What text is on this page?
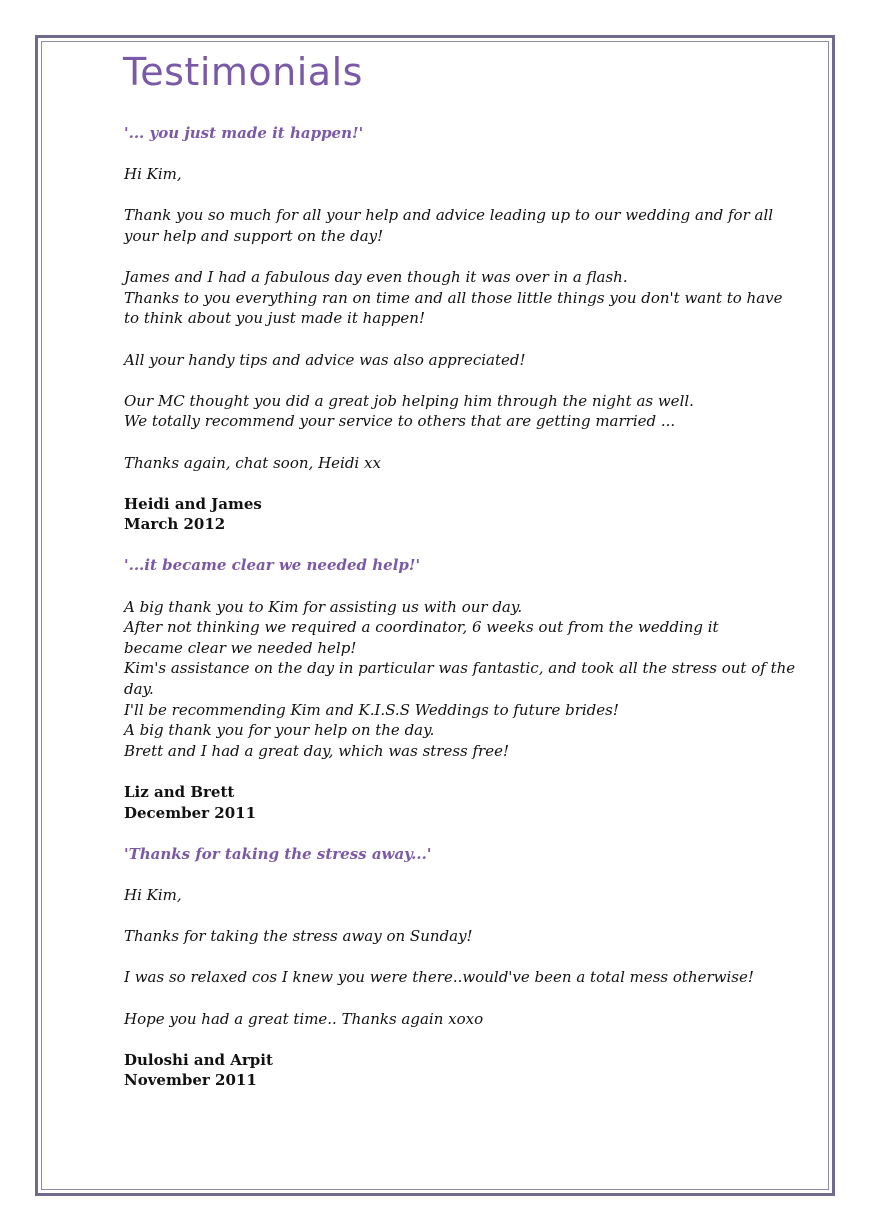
Testimonials

'... you just made it happen!'

Hi Kim,

Thank you so much for all your help and advice leading up to our wedding and for all
your help and support on the day!

James and I had a fabulous day even though it was over in a flash.
Thanks to you everything ran on time and all those little things you don't want to have
to think about you just made it happen!

All your handy tips and advice was also appreciated!

Our MC thought you did a great job helping him through the night as well.
We totally recommend your service to others that are getting married ...

Thanks again, chat soon, Heidi xx

Heidi and James
March 2012

'...it became clear we needed help!'

A big thank you to Kim for assisting us with our day.
After not thinking we required a coordinator, 6 weeks out from the wedding it
became clear we needed help!
Kim's assistance on the day in particular was fantastic, and took all the stress out of the day.
I'll be recommending Kim and K.I.S.S Weddings to future brides!
A big thank you for your help on the day.
Brett and I had a great day, which was stress free!

Liz and Brett
December 2011

'Thanks for taking the stress away...'

Hi Kim,

Thanks for taking the stress away on Sunday!

I was so relaxed cos I knew you were there..would've been a total mess otherwise!

Hope you had a great time.. Thanks again xoxo

Duloshi and Arpit
November 2011
